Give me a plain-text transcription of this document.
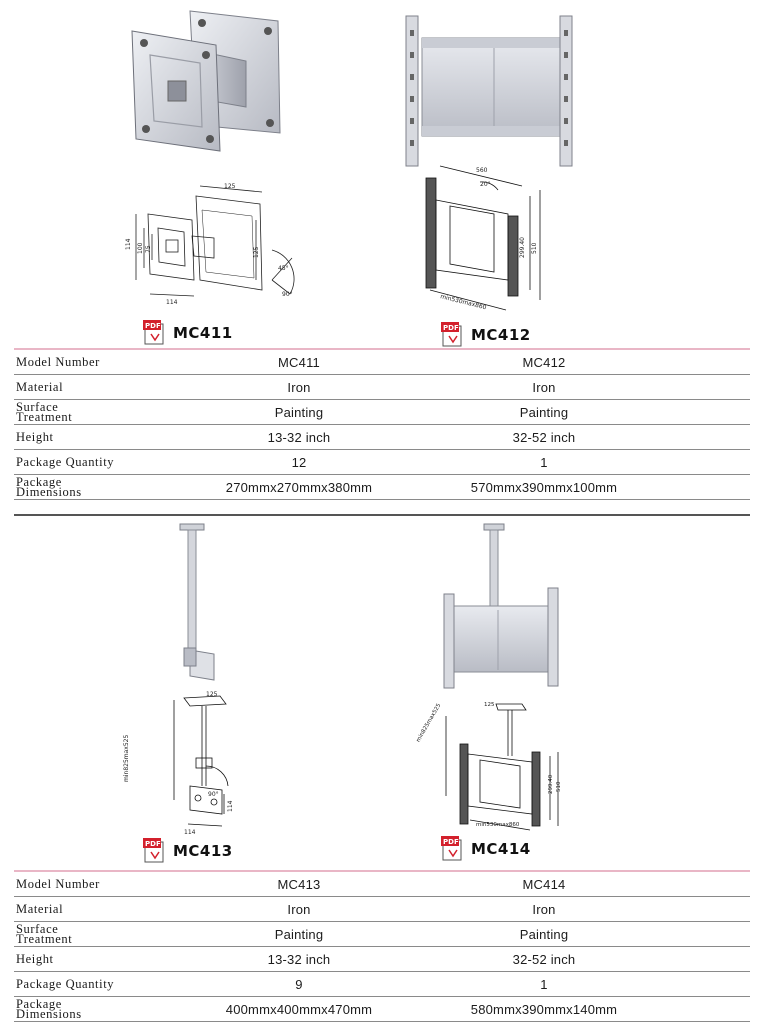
125
114 100 75
114
125
45°
90°
560
20°
299.40 510
min530max860
PDF MC411	PDF MC412
Model Number	MC411	MC412
Material	Iron	Iron
Surface Treatment	Painting	Painting
Height	13-32 inch	32-52 inch
Package Quantity	12	1
Package Dimensions	270mmx270mmx380mm	570mmx390mmx100mm
125
min825max525
90°
114
114
125
min825max525
299.40 510
min530max860
PDF MC413	PDF MC414
Model Number	MC413	MC414
Material	Iron	Iron
Surface Treatment	Painting	Painting
Height	13-32 inch	32-52 inch
Package Quantity	9	1
Package Dimensions	400mmx400mmx470mm	580mmx390mmx140mm
